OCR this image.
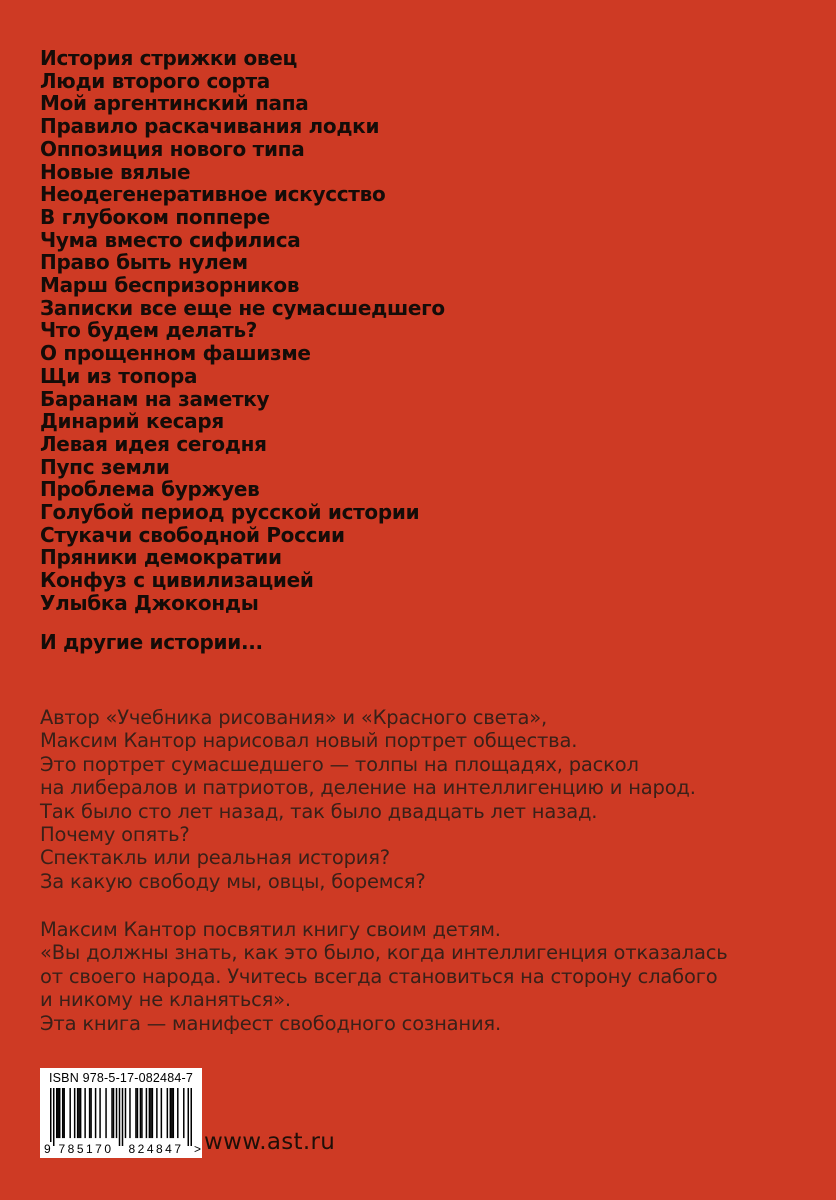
История стрижки овец
Люди второго сорта
Мой аргентинский папа
Правило раскачивания лодки
Оппозиция нового типа
Новые вялые
Неодегенеративное искусство
В глубоком поппере
Чума вместо сифилиса
Право быть нулем
Марш беспризорников
Записки все еще не сумасшедшего
Что будем делать?
О прощенном фашизме
Щи из топора
Баранам на заметку
Динарий кесаря
Левая идея сегодня
Пупс земли
Проблема буржуев
Голубой период русской истории
Стукачи свободной России
Пряники демократии
Конфуз с цивилизацией
Улыбка Джоконды
И другие истории...
Автор «Учебника рисования» и «Красного света»,
Максим Кантор нарисовал новый портрет общества.
Это портрет сумасшедшего — толпы на площадях, раскол
на либералов и патриотов, деление на интеллигенцию и народ.
Так было сто лет назад, так было двадцать лет назад.
Почему опять?
Спектакль или реальная история?
За какую свободу мы, овцы, боремся?
Максим Кантор посвятил книгу своим детям.
«Вы должны знать, как это было, когда интеллигенция отказалась
от своего народа. Учитесь всегда становиться на сторону слабого
и никому не кланяться».
Эта книга — манифест свободного сознания.
ISBN 978-5-17-082484-7
9 785170 824847 > www.ast.ru
